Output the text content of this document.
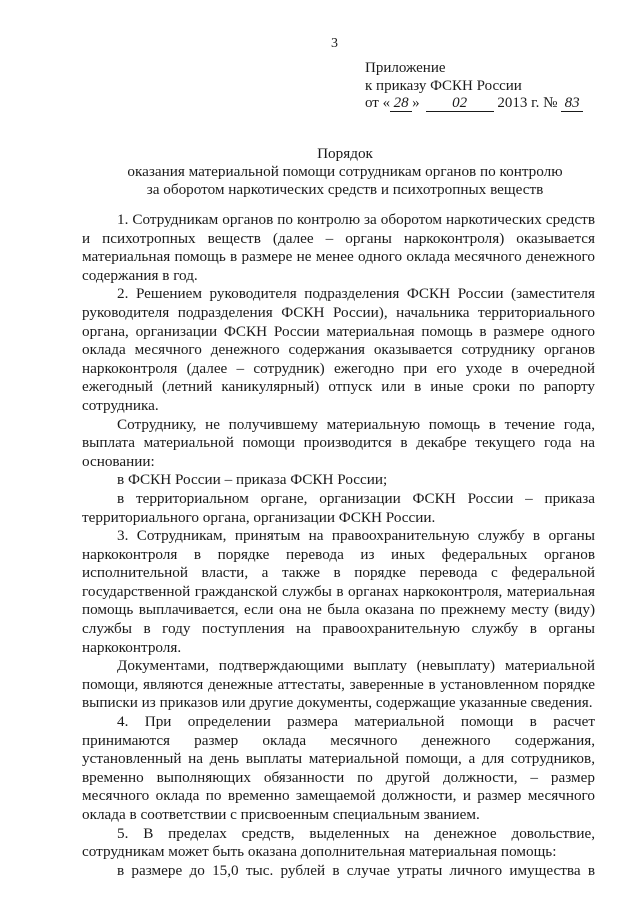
3
Приложение
к приказу ФСКН России
от « 28 » 02 2013 г. № 83
Порядок
оказания материальной помощи сотрудникам органов по контролю
за оборотом наркотических средств и психотропных веществ

1. Сотрудникам органов по контролю за оборотом наркотических средств и психотропных веществ (далее – органы наркоконтроля) оказывается материальная помощь в размере не менее одного оклада месячного денежного содержания в год.

2. Решением руководителя подразделения ФСКН России (заместителя руководителя подразделения ФСКН России), начальника территориального органа, организации ФСКН России материальная помощь в размере одного оклада месячного денежного содержания оказывается сотруднику органов наркоконтроля (далее – сотрудник) ежегодно при его уходе в очередной ежегодный (летний каникулярный) отпуск или в иные сроки по рапорту сотрудника.

Сотруднику, не получившему материальную помощь в течение года, выплата материальной помощи производится в декабре текущего года на основании:

в ФСКН России – приказа ФСКН России;

в территориальном органе, организации ФСКН России – приказа территориального органа, организации ФСКН России.

3. Сотрудникам, принятым на правоохранительную службу в органы наркоконтроля в порядке перевода из иных федеральных органов исполнительной власти, а также в порядке перевода с федеральной государственной гражданской службы в органах наркоконтроля, материальная помощь выплачивается, если она не была оказана по прежнему месту (виду) службы в году поступления на правоохранительную службу в органы наркоконтроля.

Документами, подтверждающими выплату (невыплату) материальной помощи, являются денежные аттестаты, заверенные в установленном порядке выписки из приказов или другие документы, содержащие указанные сведения.

4. При определении размера материальной помощи в расчет принимаются размер оклада месячного денежного содержания, установленный на день выплаты материальной помощи, а для сотрудников, временно выполняющих обязанности по другой должности, – размер месячного оклада по временно замещаемой должности, и размер месячного оклада в соответствии с присвоенным специальным званием.

5. В пределах средств, выделенных на денежное довольствие, сотрудникам может быть оказана дополнительная материальная помощь:

в размере до 15,0 тыс. рублей в случае утраты личного имущества в
